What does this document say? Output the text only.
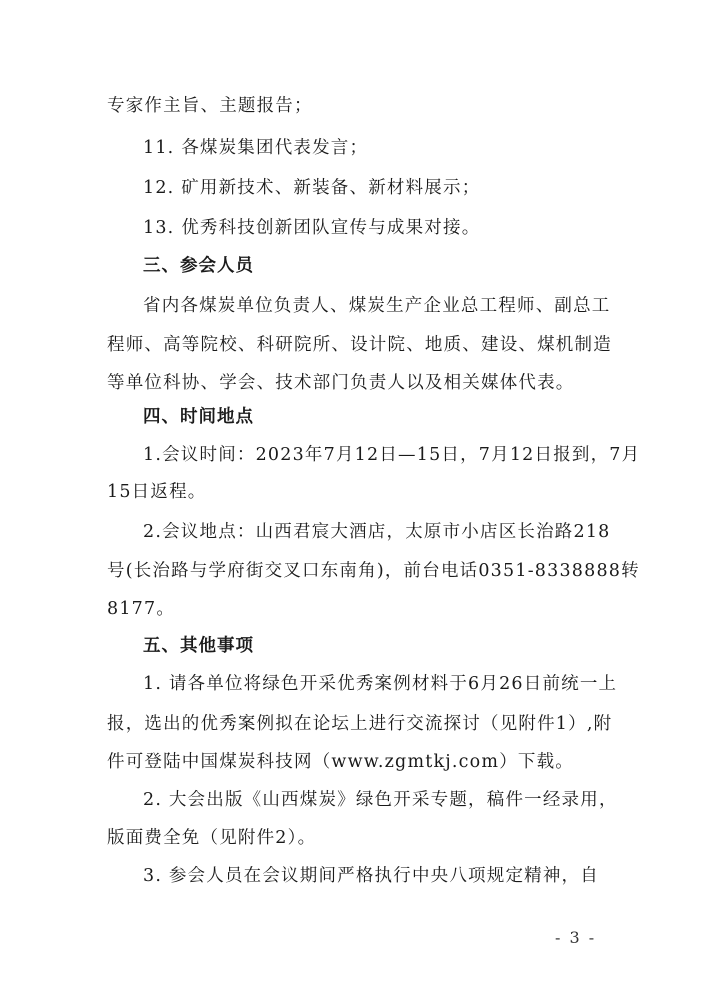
专家作主旨、主题报告；
11. 各煤炭集团代表发言；
12. 矿用新技术、新装备、新材料展示；
13. 优秀科技创新团队宣传与成果对接。
三、参会人员
省内各煤炭单位负责人、煤炭生产企业总工程师、副总工
程师、高等院校、科研院所、设计院、地质、建设、煤机制造
等单位科协、学会、技术部门负责人以及相关媒体代表。
四、时间地点
1.会议时间：2023年7月12日—15日，7月12日报到，7月
15日返程。
2.会议地点：山西君宸大酒店，太原市小店区长治路218
号(长治路与学府街交叉口东南角)，前台电话0351-8338888转
8177。
五、其他事项
1. 请各单位将绿色开采优秀案例材料于6月26日前统一上
报，选出的优秀案例拟在论坛上进行交流探讨（见附件1）,附
件可登陆中国煤炭科技网（www.zgmtkj.com）下载。
2. 大会出版《山西煤炭》绿色开采专题，稿件一经录用，
版面费全免（见附件2）。
3. 参会人员在会议期间严格执行中央八项规定精神，自
- 3 -
